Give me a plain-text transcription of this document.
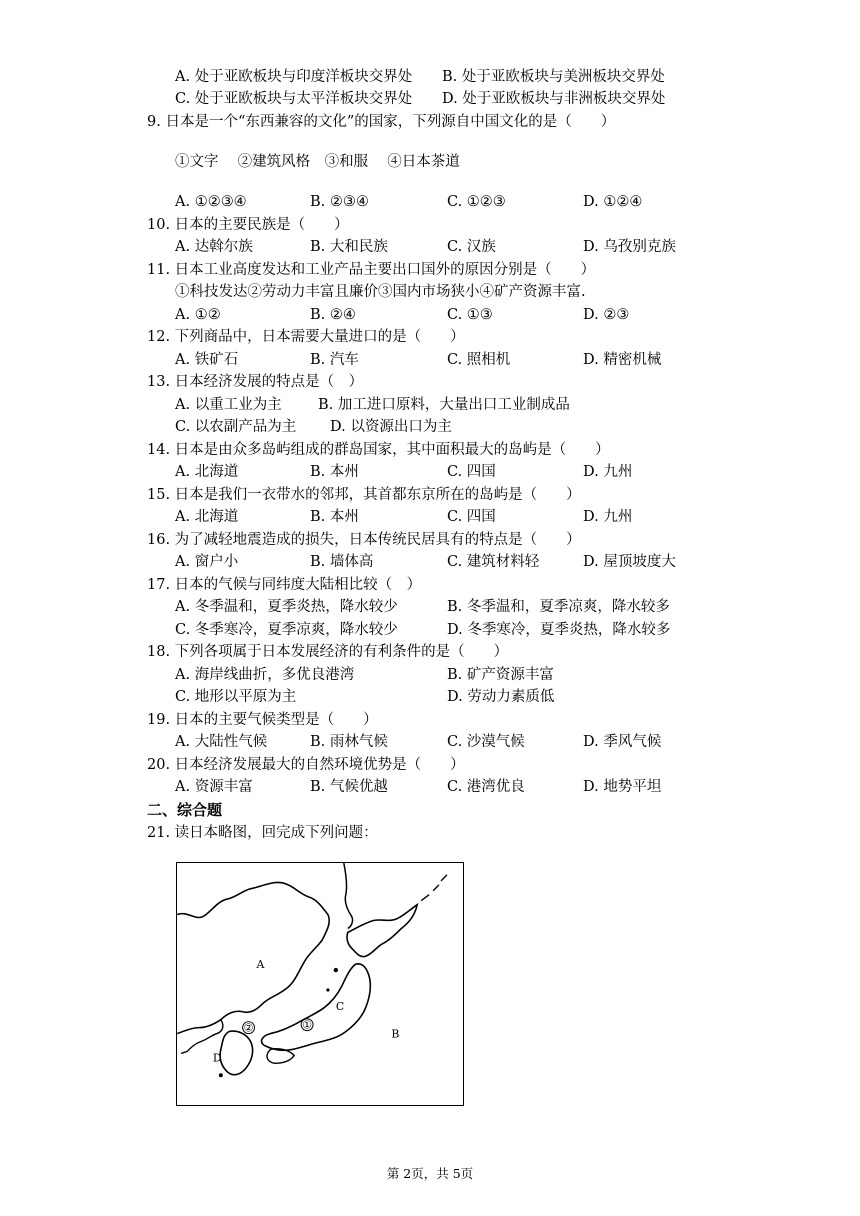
A. 处于亚欧板块与印度洋板块交界处 B. 处于亚欧板块与美洲板块交界处
C. 处于亚欧板块与太平洋板块交界处 D. 处于亚欧板块与非洲板块交界处
9. 日本是一个“东西兼容的文化”的国家，下列源自中国文化的是（　　）
①文字　 ②建筑风格　③和服　 ④日本茶道
A. ①②③④	B. ②③④	C. ①②③	D. ①②④
10. 日本的主要民族是（　　）
A. 达斡尔族	B. 大和民族	C. 汉族	D. 乌孜别克族
11. 日本工业高度发达和工业产品主要出口国外的原因分别是（　　）
①科技发达②劳动力丰富且廉价③国内市场狭小④矿产资源丰富.
A. ①②	B. ②④	C. ①③	D. ②③
12. 下列商品中，日本需要大量进口的是（　　）
A. 铁矿石	B. 汽车	C. 照相机	D. 精密机械
13. 日本经济发展的特点是（　）
A. 以重工业为主	B. 加工进口原料，大量出口工业制成品
C. 以农副产品为主 D. 以资源出口为主
14. 日本是由众多岛屿组成的群岛国家，其中面积最大的岛屿是（　　）
A. 北海道	B. 本州	C. 四国	D. 九州
15. 日本是我们一衣带水的邻邦，其首都东京所在的岛屿是（　　）
A. 北海道	B. 本州	C. 四国	D. 九州
16. 为了减轻地震造成的损失，日本传统民居具有的特点是（　　）
A. 窗户小	B. 墙体高	C. 建筑材料轻	D. 屋顶坡度大
17. 日本的气候与同纬度大陆相比较（　）
A. 冬季温和，夏季炎热，降水较少	B. 冬季温和，夏季凉爽，降水较多
C. 冬季寒冷，夏季凉爽，降水较少	D. 冬季寒冷，夏季炎热，降水较多
18. 下列各项属于日本发展经济的有利条件的是（　　）
A. 海岸线曲折，多优良港湾	B. 矿产资源丰富
C. 地形以平原为主	D. 劳动力素质低
19. 日本的主要气候类型是（　　）
A. 大陆性气候	B. 雨林气候	C. 沙漠气候	D. 季风气候
20. 日本经济发展最大的自然环境优势是（　　）
A. 资源丰富	B. 气候优越	C. 港湾优良	D. 地势平坦
二、综合题
21. 读日本略图，回完成下列问题：
①
②
A
B
C
D
第 2页，共 5页
